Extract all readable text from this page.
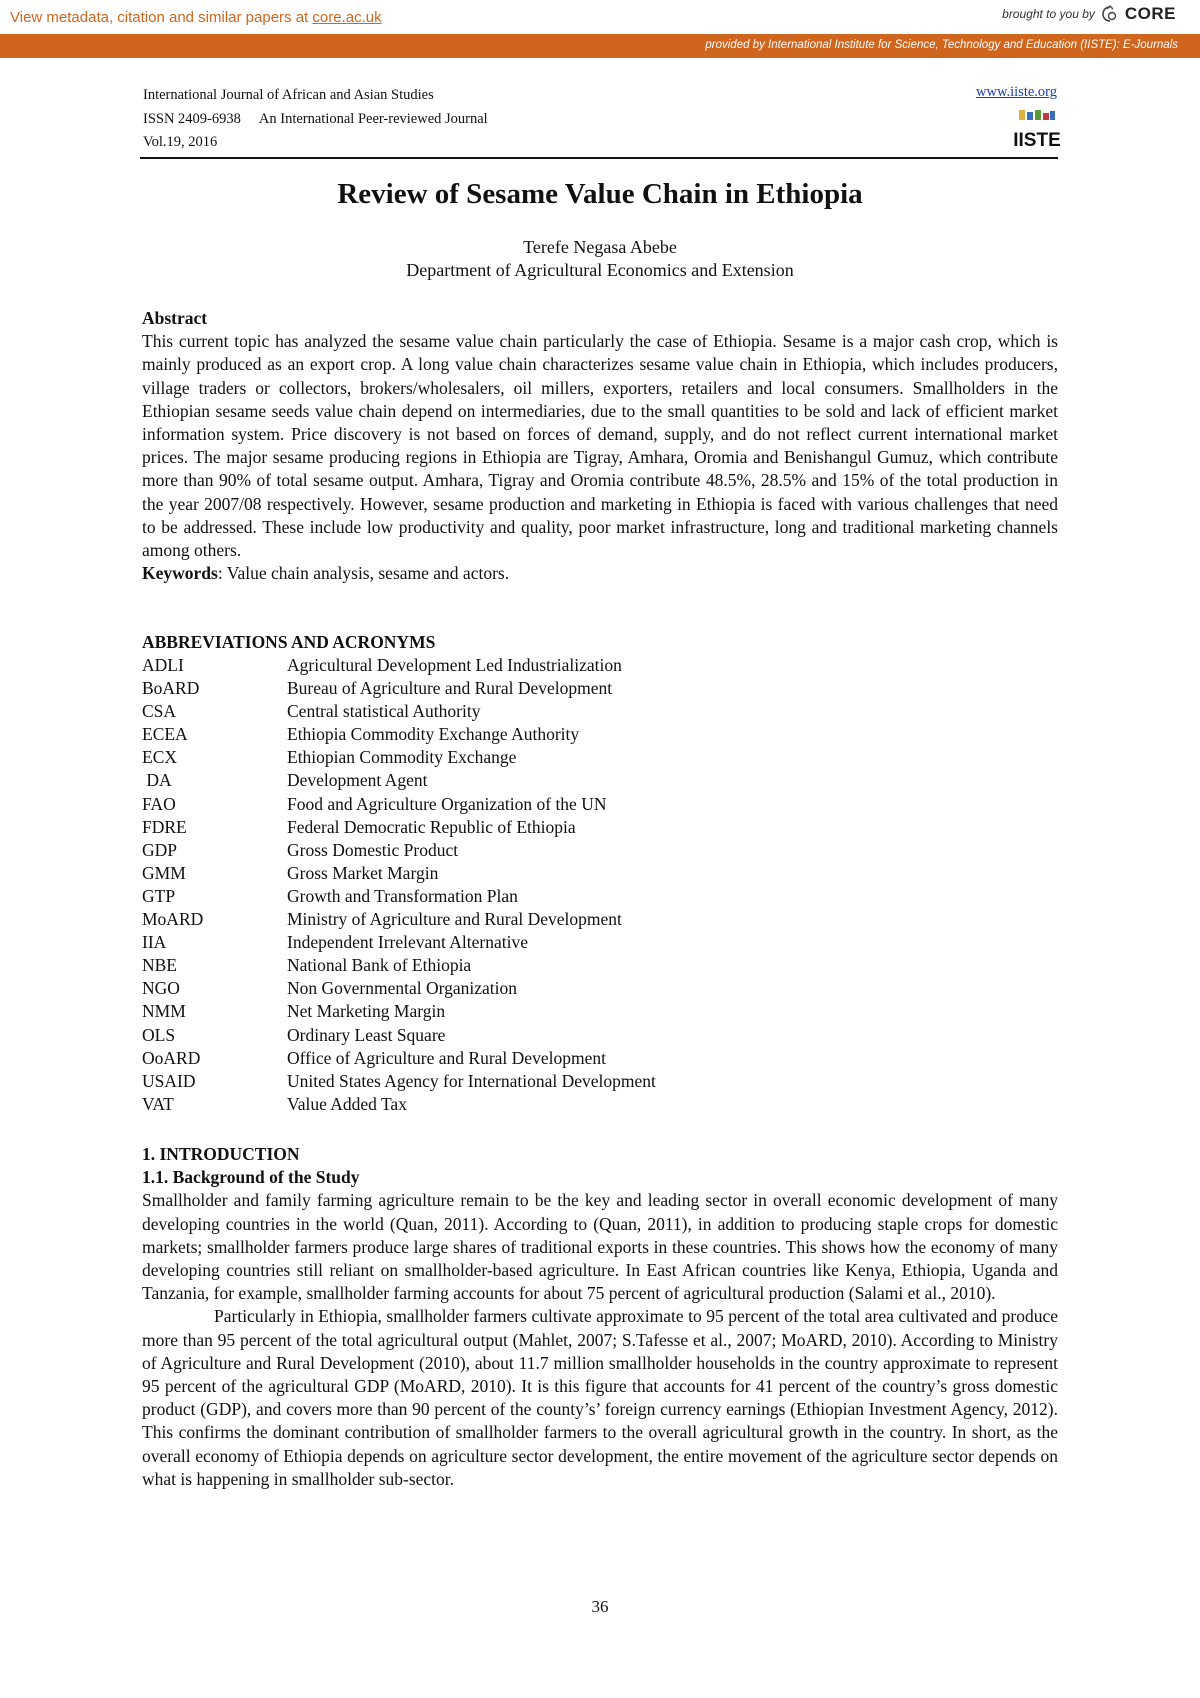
View metadata, citation and similar papers at core.ac.uk	brought to you by CORE
provided by International Institute for Science, Technology and Education (IISTE): E-Journals
International Journal of African and Asian Studies
ISSN 2409-6938 An International Peer-reviewed Journal
Vol.19, 2016
www.iiste.org
IISTE
Review of Sesame Value Chain in Ethiopia
Terefe Negasa Abebe
Department of Agricultural Economics and Extension
Abstract
This current topic has analyzed the sesame value chain particularly the case of Ethiopia. Sesame is a major cash crop, which is mainly produced as an export crop. A long value chain characterizes sesame value chain in Ethiopia, which includes producers, village traders or collectors, brokers/wholesalers, oil millers, exporters, retailers and local consumers. Smallholders in the Ethiopian sesame seeds value chain depend on intermediaries, due to the small quantities to be sold and lack of efficient market information system. Price discovery is not based on forces of demand, supply, and do not reflect current international market prices. The major sesame producing regions in Ethiopia are Tigray, Amhara, Oromia and Benishangul Gumuz, which contribute more than 90% of total sesame output. Amhara, Tigray and Oromia contribute 48.5%, 28.5% and 15% of the total production in the year 2007/08 respectively. However, sesame production and marketing in Ethiopia is faced with various challenges that need to be addressed. These include low productivity and quality, poor market infrastructure, long and traditional marketing channels among others.
Keywords: Value chain analysis, sesame and actors.
ABBREVIATIONS AND ACRONYMS
ADLI	Agricultural Development Led Industrialization
BoARD	Bureau of Agriculture and Rural Development
CSA	Central statistical Authority
ECEA	Ethiopia Commodity Exchange Authority
ECX	Ethiopian Commodity Exchange
DA	Development Agent
FAO	Food and Agriculture Organization of the UN
FDRE	Federal Democratic Republic of Ethiopia
GDP	Gross Domestic Product
GMM	Gross Market Margin
GTP	Growth and Transformation Plan
MoARD	Ministry of Agriculture and Rural Development
IIA	Independent Irrelevant Alternative
NBE	National Bank of Ethiopia
NGO	Non Governmental Organization
NMM	Net Marketing Margin
OLS	Ordinary Least Square
OoARD	Office of Agriculture and Rural Development
USAID	United States Agency for International Development
VAT	Value Added Tax
1. INTRODUCTION
1.1. Background of the Study
Smallholder and family farming agriculture remain to be the key and leading sector in overall economic development of many developing countries in the world (Quan, 2011). According to (Quan, 2011), in addition to producing staple crops for domestic markets; smallholder farmers produce large shares of traditional exports in these countries. This shows how the economy of many developing countries still reliant on smallholder-based agriculture. In East African countries like Kenya, Ethiopia, Uganda and Tanzania, for example, smallholder farming accounts for about 75 percent of agricultural production (Salami et al., 2010).
Particularly in Ethiopia, smallholder farmers cultivate approximate to 95 percent of the total area cultivated and produce more than 95 percent of the total agricultural output (Mahlet, 2007; S.Tafesse et al., 2007; MoARD, 2010). According to Ministry of Agriculture and Rural Development (2010), about 11.7 million smallholder households in the country approximate to represent 95 percent of the agricultural GDP (MoARD, 2010). It is this figure that accounts for 41 percent of the country’s gross domestic product (GDP), and covers more than 90 percent of the county’s’ foreign currency earnings (Ethiopian Investment Agency, 2012). This confirms the dominant contribution of smallholder farmers to the overall agricultural growth in the country. In short, as the overall economy of Ethiopia depends on agriculture sector development, the entire movement of the agriculture sector depends on what is happening in smallholder sub-sector.
36
